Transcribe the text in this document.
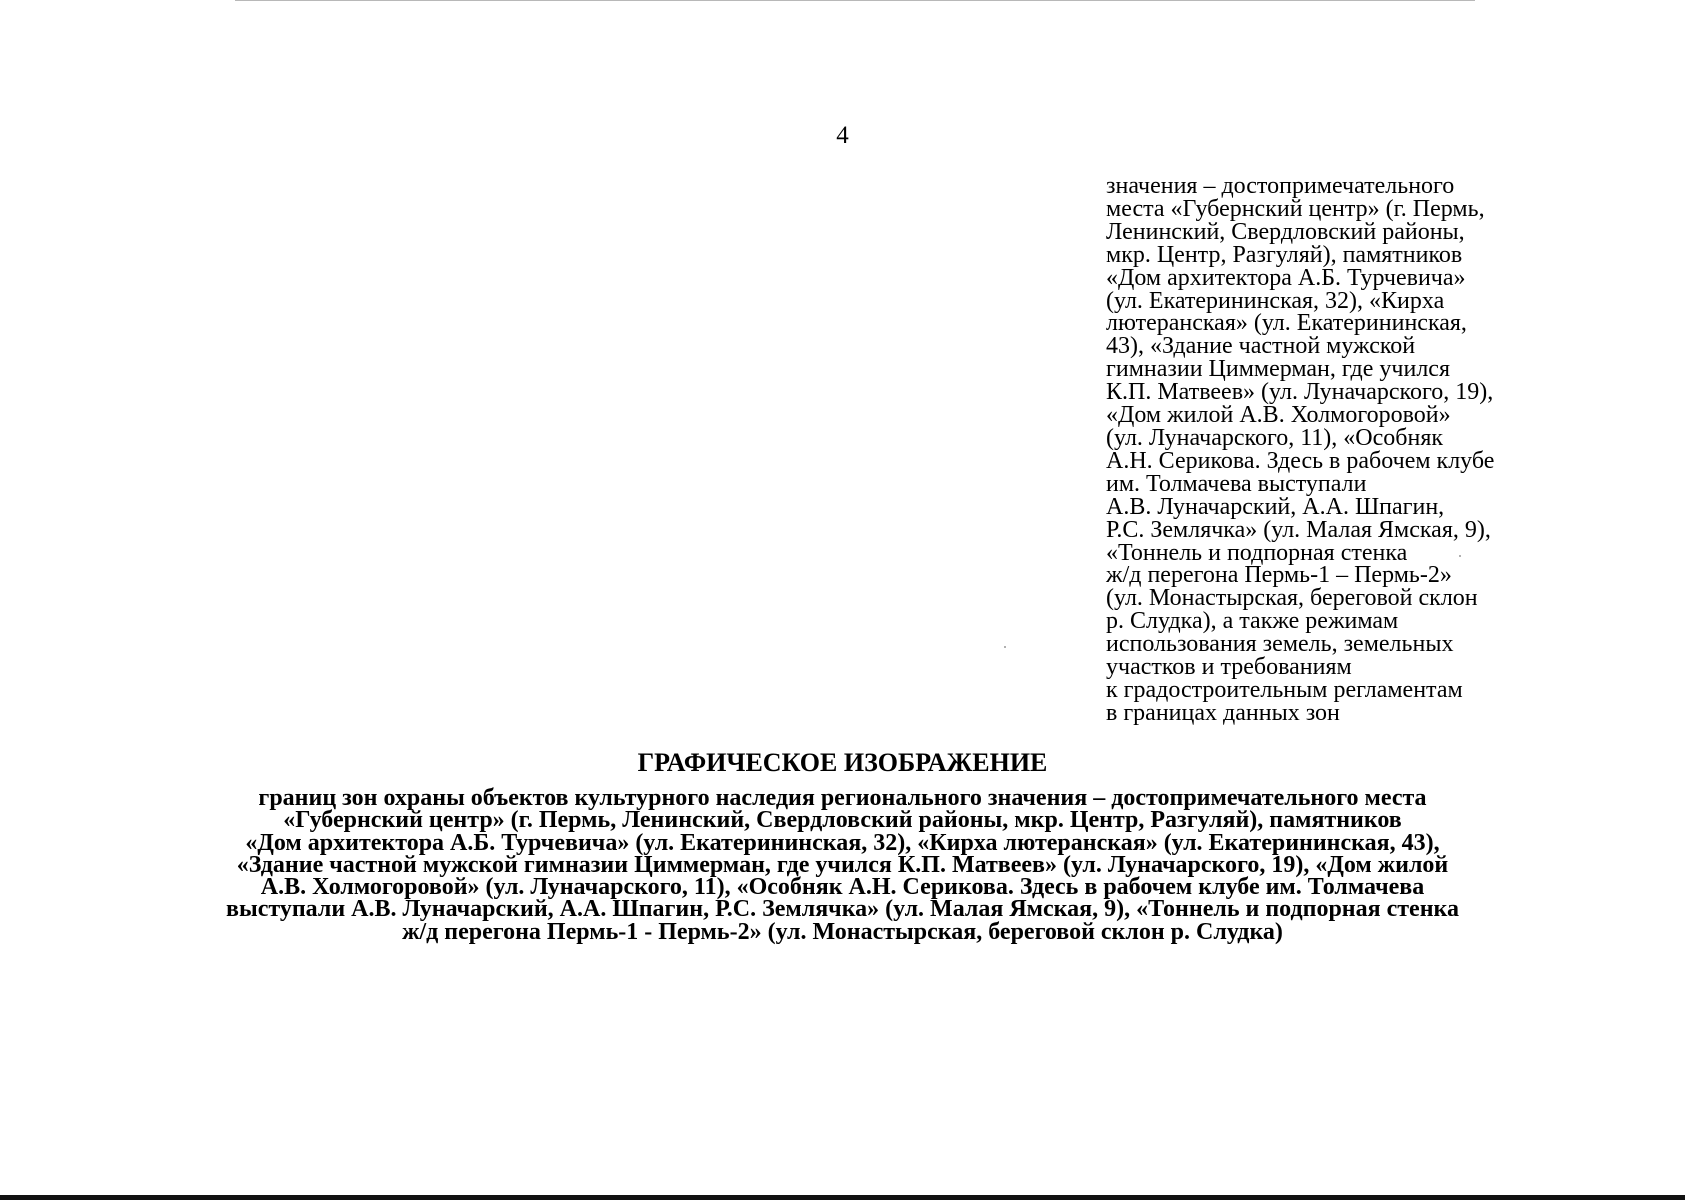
4
значения – достопримечательного
места «Губернский центр» (г. Пермь,
Ленинский, Свердловский районы,
мкр. Центр, Разгуляй), памятников
«Дом архитектора А.Б. Турчевича»
(ул. Екатерининская, 32), «Кирха
лютеранская» (ул. Екатерининская,
43), «Здание частной мужской
гимназии Циммерман, где учился
К.П. Матвеев» (ул. Луначарского, 19),
«Дом жилой А.В. Холмогоровой»
(ул. Луначарского, 11), «Особняк
А.Н. Серикова. Здесь в рабочем клубе
им. Толмачева выступали
А.В. Луначарский, А.А. Шпагин,
Р.С. Землячка» (ул. Малая Ямская, 9),
«Тоннель и подпорная стенка
ж/д перегона Пермь-1 – Пермь-2»
(ул. Монастырская, береговой склон
р. Слудка), а также режимам
использования земель, земельных
участков и требованиям
к градостроительным регламентам
в границах данных зон
ГРАФИЧЕСКОЕ ИЗОБРАЖЕНИЕ
границ зон охраны объектов культурного наследия регионального значения – достопримечательного места
«Губернский центр» (г. Пермь, Ленинский, Свердловский районы, мкр. Центр, Разгуляй), памятников
«Дом архитектора А.Б. Турчевича» (ул. Екатерининская, 32), «Кирха лютеранская» (ул. Екатерининская, 43),
«Здание частной мужской гимназии Циммерман, где учился К.П. Матвеев» (ул. Луначарского, 19), «Дом жилой
А.В. Холмогоровой» (ул. Луначарского, 11), «Особняк А.Н. Серикова. Здесь в рабочем клубе им. Толмачева
выступали А.В. Луначарский, А.А. Шпагин, Р.С. Землячка» (ул. Малая Ямская, 9), «Тоннель и подпорная стенка
ж/д перегона Пермь-1 - Пермь-2» (ул. Монастырская, береговой склон р. Слудка)
